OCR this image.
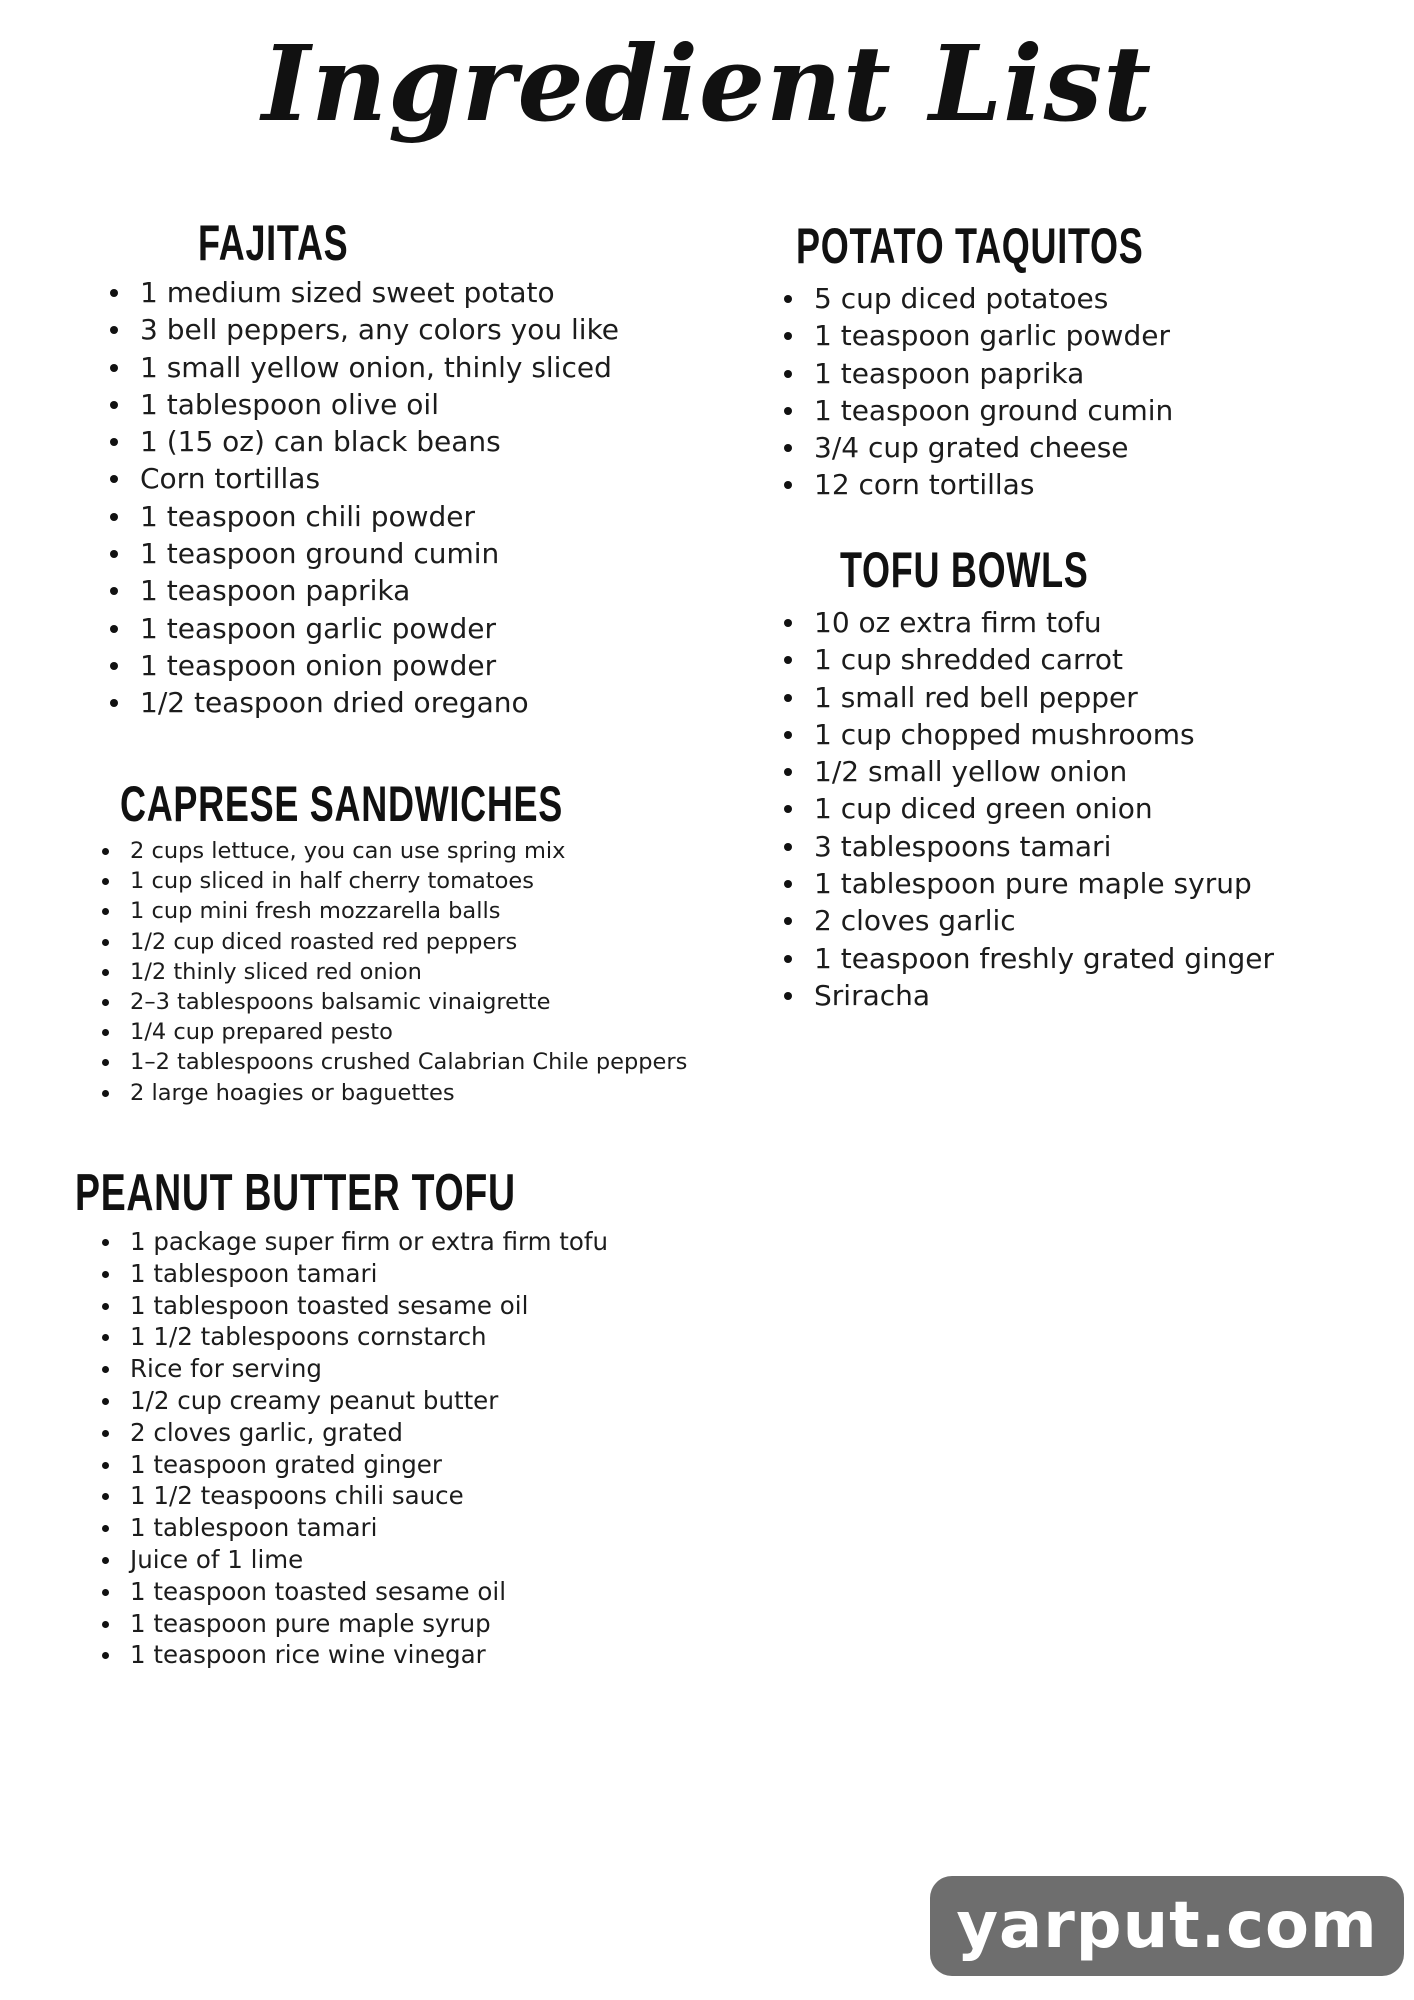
Ingredient List
FAJITAS
1 medium sized sweet potato
3 bell peppers, any colors you like
1 small yellow onion, thinly sliced
1 tablespoon olive oil
1 (15 oz) can black beans
Corn tortillas
1 teaspoon chili powder
1 teaspoon ground cumin
1 teaspoon paprika
1 teaspoon garlic powder
1 teaspoon onion powder
1/2 teaspoon dried oregano
CAPRESE SANDWICHES
2 cups lettuce, you can use spring mix
1 cup sliced in half cherry tomatoes
1 cup mini fresh mozzarella balls
1/2 cup diced roasted red peppers
1/2 thinly sliced red onion
2–3 tablespoons balsamic vinaigrette
1/4 cup prepared pesto
1–2 tablespoons crushed Calabrian Chile peppers
2 large hoagies or baguettes
PEANUT BUTTER TOFU
1 package super firm or extra firm tofu
1 tablespoon tamari
1 tablespoon toasted sesame oil
1 1/2 tablespoons cornstarch
Rice for serving
1/2 cup creamy peanut butter
2 cloves garlic, grated
1 teaspoon grated ginger
1 1/2 teaspoons chili sauce
1 tablespoon tamari
Juice of 1 lime
1 teaspoon toasted sesame oil
1 teaspoon pure maple syrup
1 teaspoon rice wine vinegar
POTATO TAQUITOS
5 cup diced potatoes
1 teaspoon garlic powder
1 teaspoon paprika
1 teaspoon ground cumin
3/4 cup grated cheese
12 corn tortillas
TOFU BOWLS
10 oz extra firm tofu
1 cup shredded carrot
1 small red bell pepper
1 cup chopped mushrooms
1/2 small yellow onion
1 cup diced green onion
3 tablespoons tamari
1 tablespoon pure maple syrup
2 cloves garlic
1 teaspoon freshly grated ginger
Sriracha
yarput.com
